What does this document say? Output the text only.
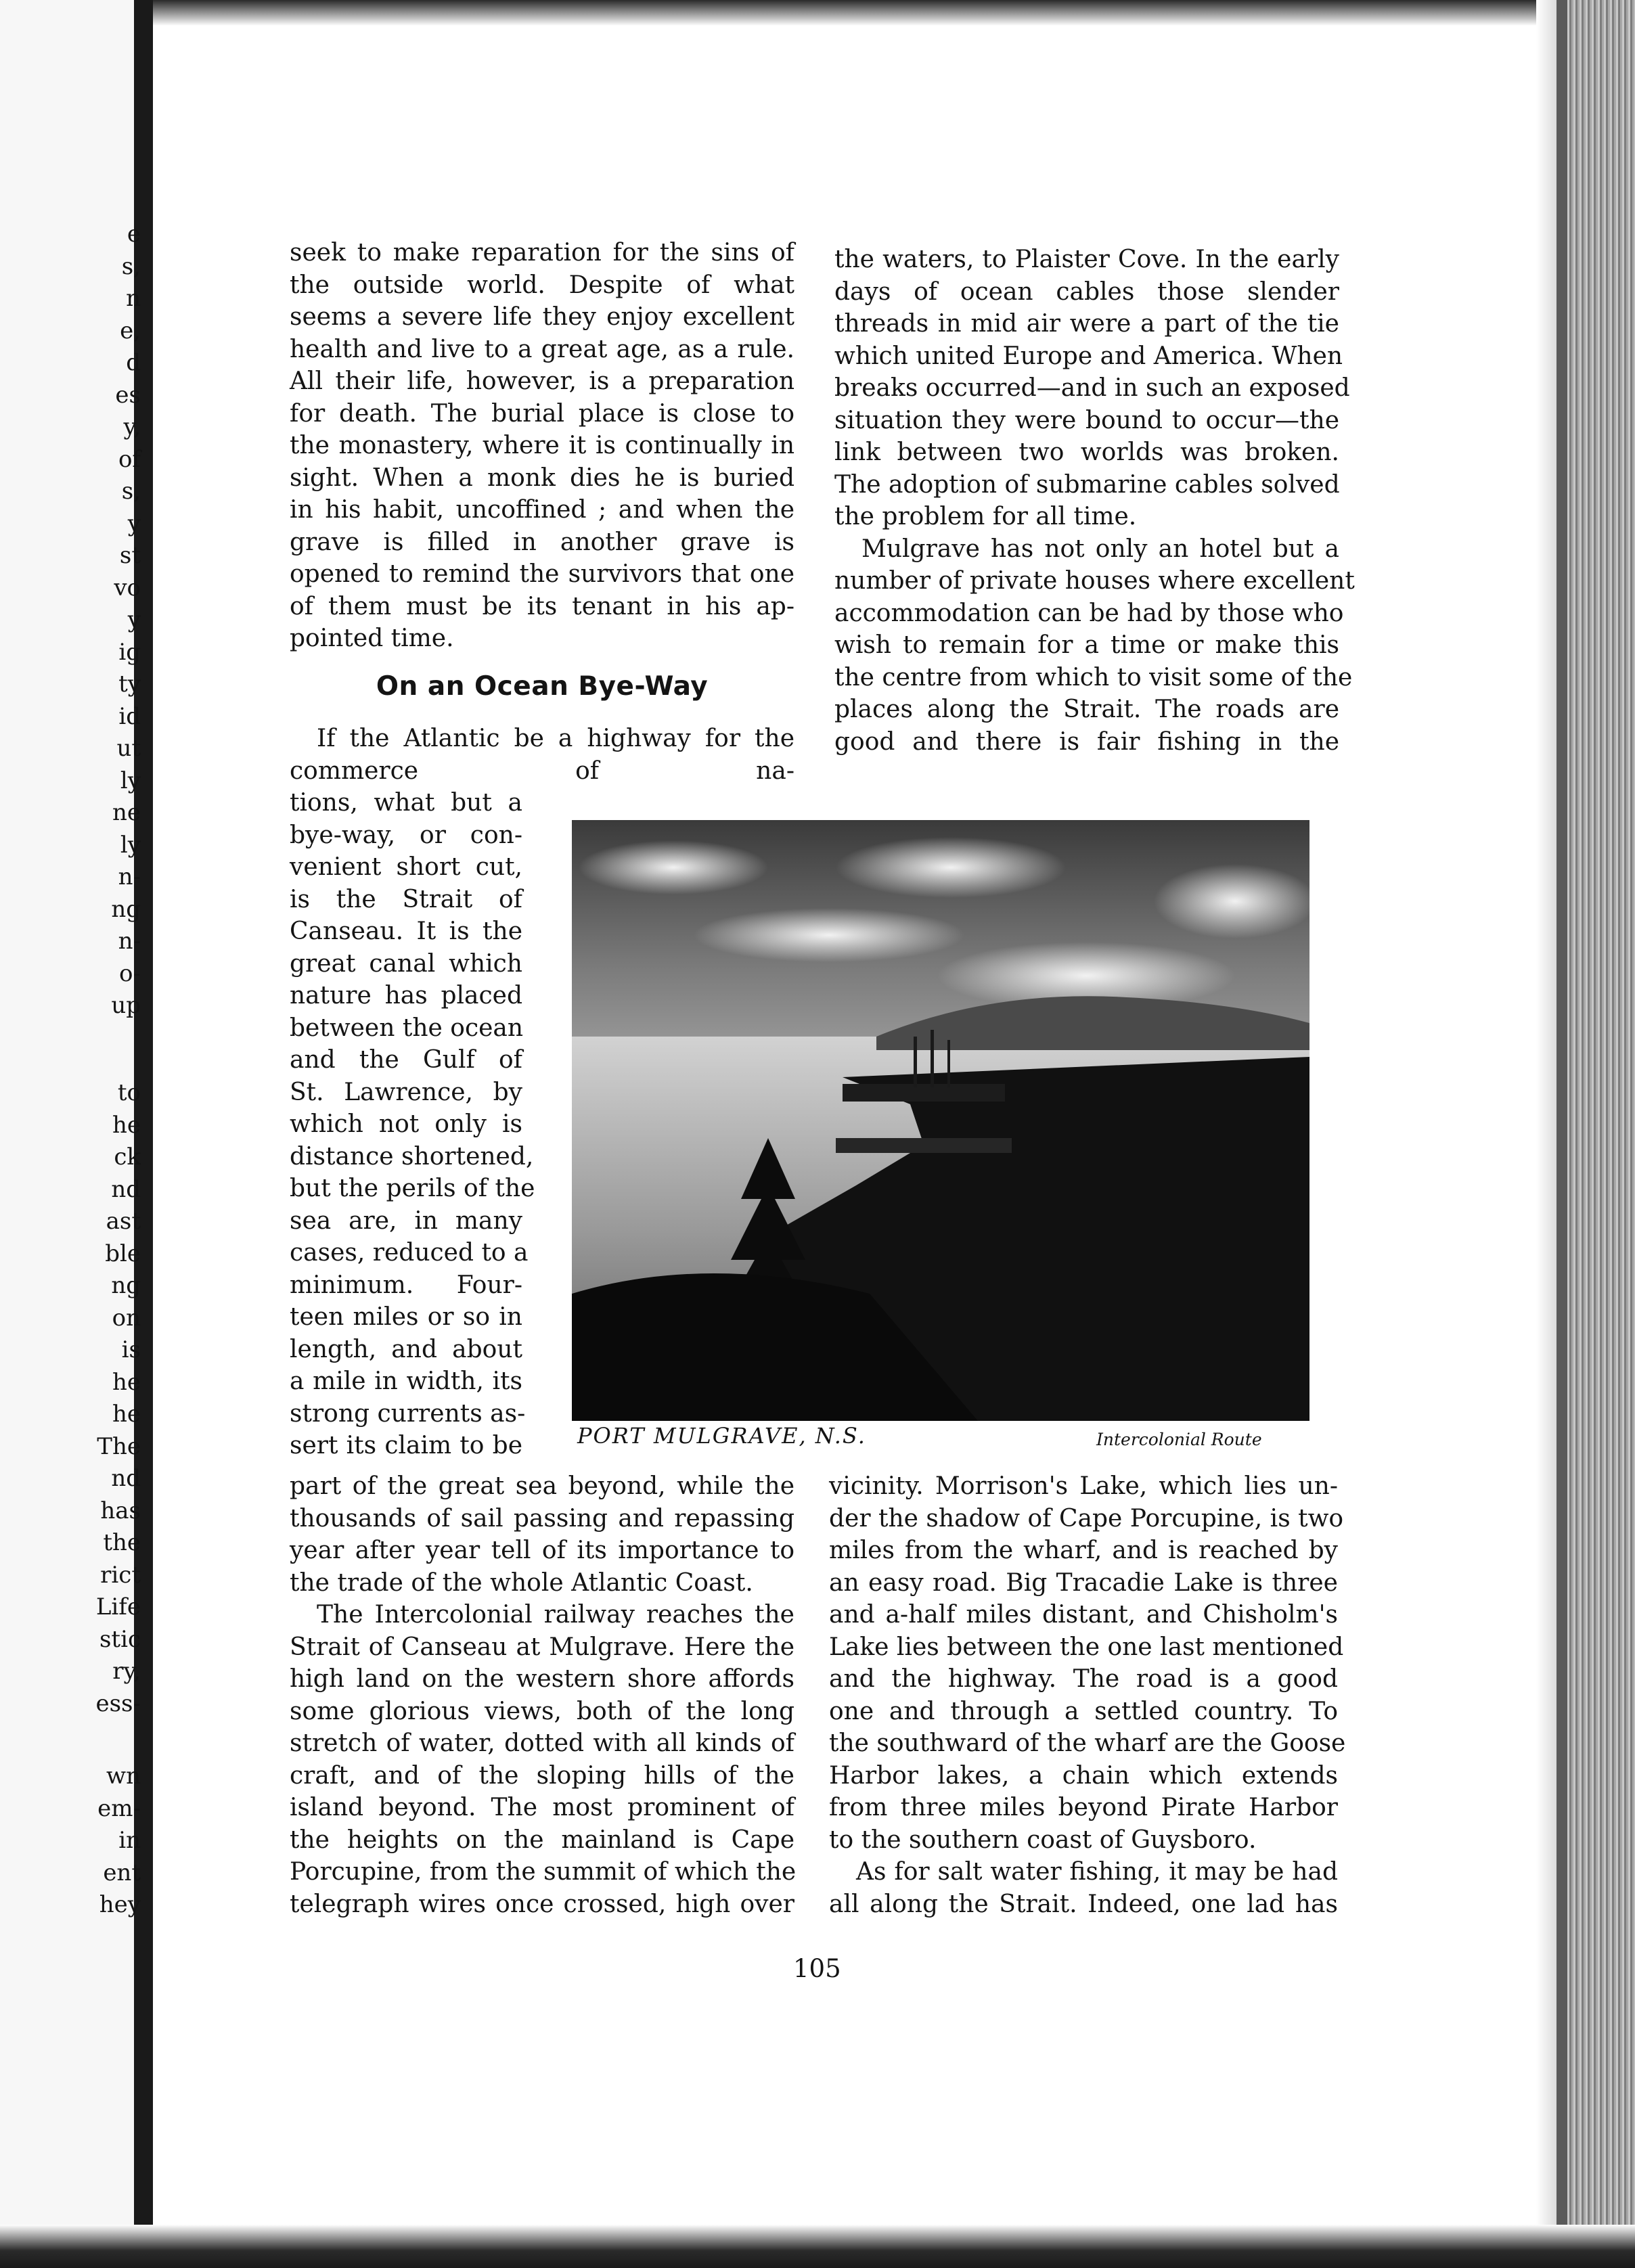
e
s,
n
e,
d
es
y,
of
s,
y
st
vo
y
ig
ty
id
ut
ly
ne
ly
n-
ng
n-
o-
up
to
he
ck
nd
ast
ble
ng
on
is
he
he
The
nd
has
the
rict
Life
stic
ry,
ess-
wn
em-
in
ent
hey
seek to make reparation for the sins of
the outside world. Despite of what
seems a severe life they enjoy excellent
health and live to a great age, as a rule.
All their life, however, is a preparation
for death. The burial place is close to
the monastery, where it is continually in
sight. When a monk dies he is buried
in his habit, uncoffined ; and when the
grave is filled in another grave is
opened to remind the survivors that one
of them must be its tenant in his ap-
pointed time.
On an Ocean Bye-Way
If the Atlantic be a highway for the
commerce of na-
tions, what but a
bye-way, or con-
venient short cut,
is the Strait of
Canseau. It is the
great canal which
nature has placed
between the ocean
and the Gulf of
St. Lawrence, by
which not only is
distance shortened,
but the perils of the
sea are, in many
cases, reduced to a
minimum. Four-
teen miles or so in
length, and about
a mile in width, its
strong currents as-
sert its claim to be
part of the great sea beyond, while the
thousands of sail passing and repassing
year after year tell of its importance to
the trade of the whole Atlantic Coast.
The Intercolonial railway reaches the
Strait of Canseau at Mulgrave. Here the
high land on the western shore affords
some glorious views, both of the long
stretch of water, dotted with all kinds of
craft, and of the sloping hills of the
island beyond. The most prominent of
the heights on the mainland is Cape
Porcupine, from the summit of which the
telegraph wires once crossed, high over
the waters, to Plaister Cove. In the early
days of ocean cables those slender
threads in mid air were a part of the tie
which united Europe and America. When
breaks occurred—and in such an exposed
situation they were bound to occur—the
link between two worlds was broken.
The adoption of submarine cables solved
the problem for all time.
Mulgrave has not only an hotel but a
number of private houses where excellent
accommodation can be had by those who
wish to remain for a time or make this
the centre from which to visit some of the
places along the Strait. The roads are
good and there is fair fishing in the
vicinity. Morrison's Lake, which lies un-
der the shadow of Cape Porcupine, is two
miles from the wharf, and is reached by
an easy road. Big Tracadie Lake is three
and a-half miles distant, and Chisholm's
Lake lies between the one last mentioned
and the highway. The road is a good
one and through a settled country. To
the southward of the wharf are the Goose
Harbor lakes, a chain which extends
from three miles beyond Pirate Harbor
to the southern coast of Guysboro.
As for salt water fishing, it may be had
all along the Strait. Indeed, one lad has
PORT MULGRAVE, N.S.	Intercolonial Route
105
